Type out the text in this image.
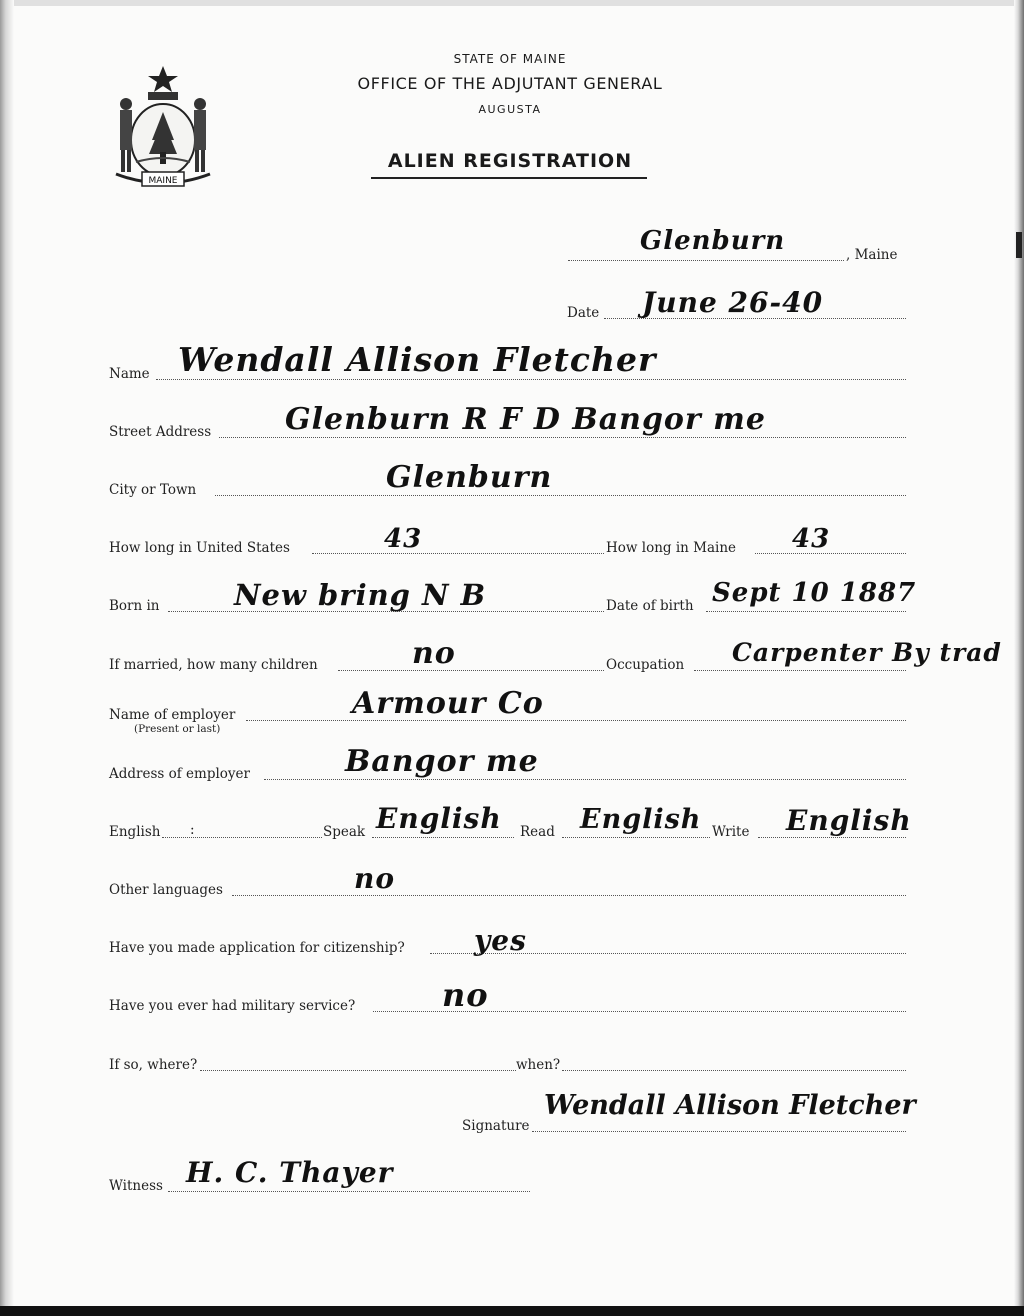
MAINE
STATE OF MAINE
OFFICE OF THE ADJUTANT GENERAL
AUGUSTA
ALIEN REGISTRATION
Glenburn	, Maine
Date June 26-40
Name Wendall Allison Fletcher
Street Address Glenburn R F D Bangor me
City or Town	Glenburn
How long in United States	43	How long in Maine 43
Born in	New bring N B	Date of birth Sept 10 1887
If married, how many children	no	Occupation Carpenter By trad
Name of employer
(Present or last)
Armour Co
Address of employer	Bangor me
English :	Speak English Read English Write English
Other languages	no
Have you made application for citizenship? yes
Have you ever had military service?	no
If so, where?	when?
Signature
Wendall Allison Fletcher
Witness H. C. Thayer
